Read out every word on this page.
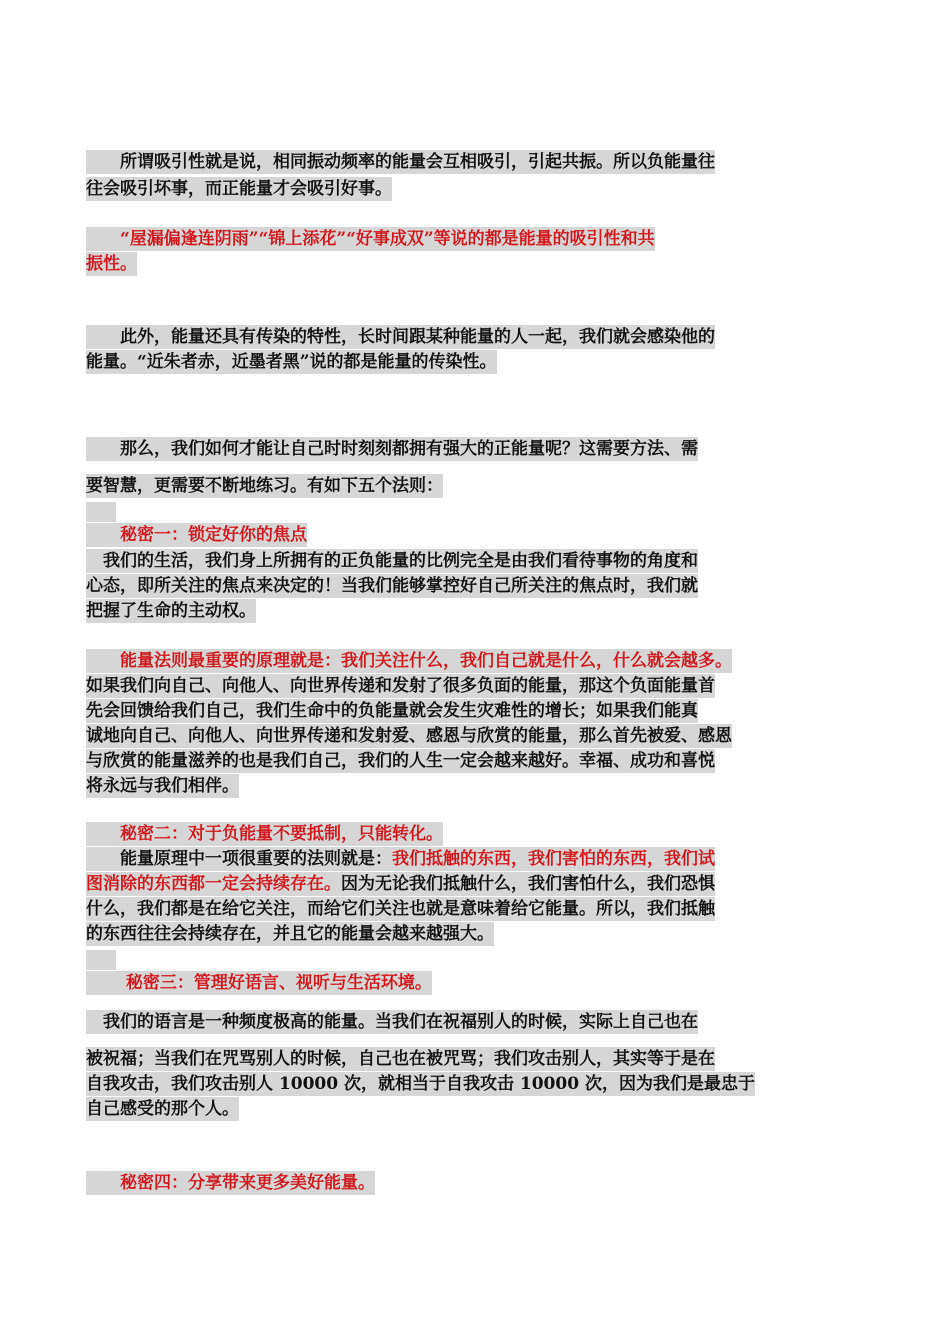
　　所谓吸引性就是说，相同振动频率的能量会互相吸引，引起共振。所以负能量往
往会吸引坏事，而正能量才会吸引好事。
　　“屋漏偏逢连阴雨”“锦上添花”“好事成双”等说的都是能量的吸引性和共
振性。
　　此外，能量还具有传染的特性，长时间跟某种能量的人一起，我们就会感染他的
能量。“近朱者赤，近墨者黑”说的都是能量的传染性。
　　那么，我们如何才能让自己时时刻刻都拥有强大的正能量呢？这需要方法、需
要智慧，更需要不断地练习。有如下五个法则：
　　秘密一：锁定好你的焦点
　我们的生活，我们身上所拥有的正负能量的比例完全是由我们看待事物的角度和
心态，即所关注的焦点来决定的！当我们能够掌控好自己所关注的焦点时，我们就
把握了生命的主动权。
　　能量法则最重要的原理就是：我们关注什么，我们自己就是什么，什么就会越多。
如果我们向自己、向他人、向世界传递和发射了很多负面的能量，那这个负面能量首
先会回馈给我们自己，我们生命中的负能量就会发生灾难性的增长；如果我们能真
诚地向自己、向他人、向世界传递和发射爱、感恩与欣赏的能量，那么首先被爱、感恩
与欣赏的能量滋养的也是我们自己，我们的人生一定会越来越好。幸福、成功和喜悦
将永远与我们相伴。
　　秘密二：对于负能量不要抵制，只能转化。
　　能量原理中一项很重要的法则就是：我们抵触的东西，我们害怕的东西，我们试
图消除的东西都一定会持续存在。因为无论我们抵触什么，我们害怕什么，我们恐惧
什么，我们都是在给它关注，而给它们关注也就是意味着给它能量。所以，我们抵触
的东西往往会持续存在，并且它的能量会越来越强大。
　　 秘密三：管理好语言、视听与生活环境。
　我们的语言是一种频度极高的能量。当我们在祝福别人的时候，实际上自己也在
被祝福；当我们在咒骂别人的时候，自己也在被咒骂；我们攻击别人，其实等于是在
自我攻击，我们攻击别人 10000 次，就相当于自我攻击 10000 次，因为我们是最忠于
自己感受的那个人。
　　秘密四：分享带来更多美好能量。
